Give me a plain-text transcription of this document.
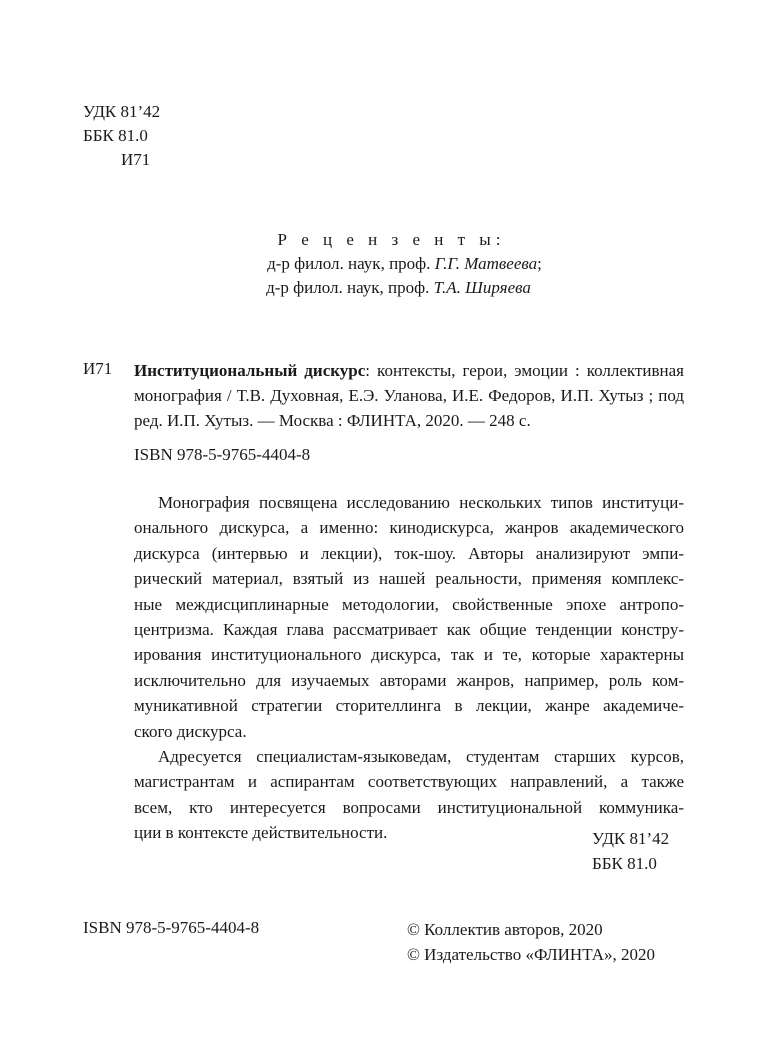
УДК 81’42
ББК 81.0
И71
Р е ц е н з е н т ы:
д-р филол. наук, проф. Г.Г. Матвеева;
д-р филол. наук, проф. Т.А. Ширяева
И71 Институциональный дискурс: контексты, герои, эмоции : коллективная монография / Т.В. Духовная, Е.Э. Уланова, И.Е. Федоров, И.П. Хутыз ; под ред. И.П. Хутыз. — Москва : ФЛИНТА, 2020. — 248 с.
ISBN 978-5-9765-4404-8
Монография посвящена исследованию нескольких типов институци-
онального дискурса, а именно: кинодискурса, жанров академического
дискурса (интервью и лекции), ток-шоу. Авторы анализируют эмпи-
рический материал, взятый из нашей реальности, применяя комплекс-
ные междисциплинарные методологии, свойственные эпохе антропо-
центризма. Каждая глава рассматривает как общие тенденции констру-
ирования институционального дискурса, так и те, которые характерны
исключительно для изучаемых авторами жанров, например, роль ком-
муникативной стратегии сторителлинга в лекции, жанре академиче-
ского дискурса.
Адресуется специалистам-языковедам, студентам старших курсов,
магистрантам и аспирантам соответствующих направлений, а также
всем, кто интересуется вопросами институциональной коммуника-
ции в контексте действительности.	УДК 81’42
ББК 81.0
ISBN 978-5-9765-4404-8	© Коллектив авторов, 2020
© Издательство «ФЛИНТА», 2020
